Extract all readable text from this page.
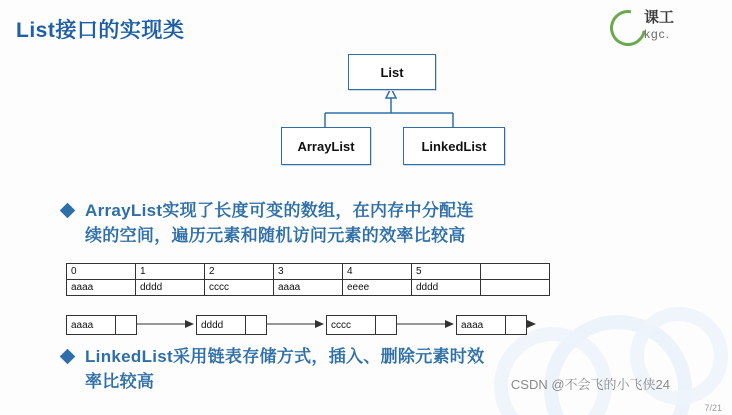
List接口的实现类
课工
kgc.
List
ArrayList	LinkedList
ArrayList实现了长度可变的数组，在内存中分配连
续的空间，遍历元素和随机访问元素的效率比较高
0	1	2	3	4	5	
aaaa	dddd	cccc	aaaa	eeee	dddd	
aaaa	dddd	cccc	aaaa
LinkedList采用链表存储方式，插入、删除元素时效
率比较高	CSDN @不会飞的小飞侠24
7/21
